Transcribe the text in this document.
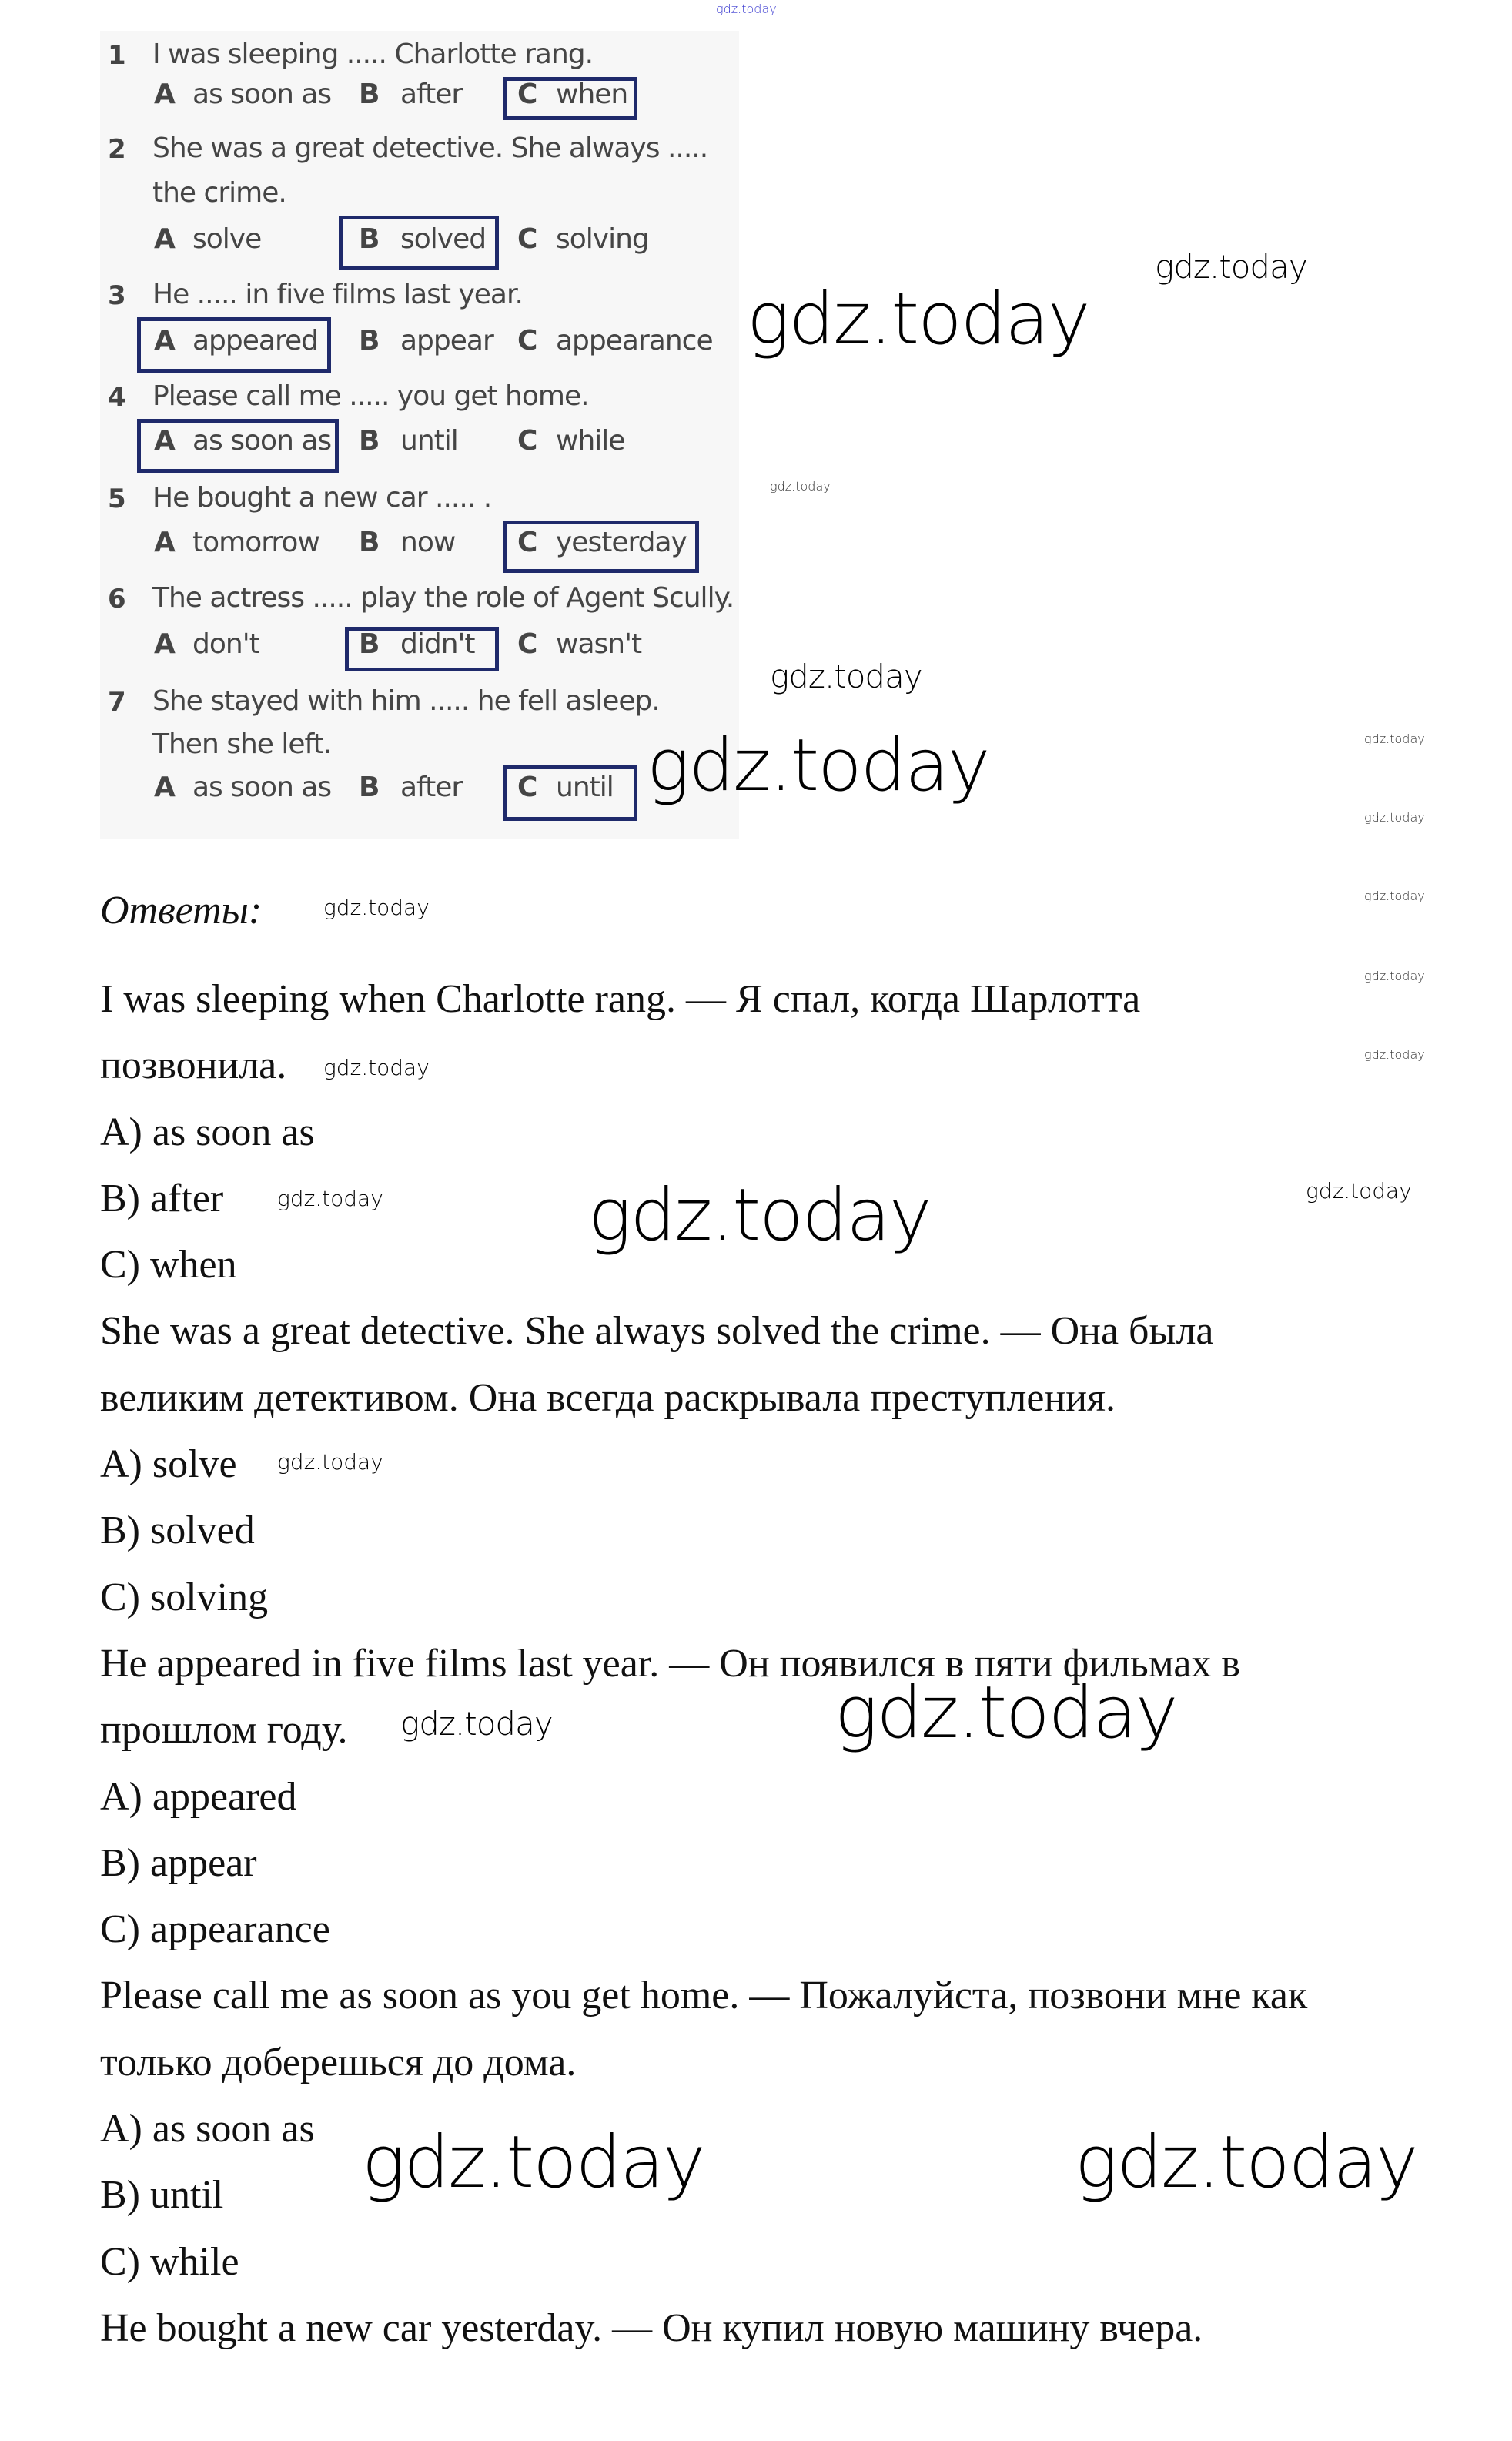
1 I was sleeping ..... Charlotte rang.
A as soon as B after C when
2 She was a great detective. She always .....
the crime.
A solve	B solved C solving
3 He ..... in five films last year.
A appeared B appear C appearance
4 Please call me ..... you get home.
A as soon as B until C while
5 He bought a new car ..... .
A tomorrow B now C yesterday
6 The actress ..... play the role of Agent Scully.
A don't	B didn't C wasn't
7 She stayed with him ..... he fell asleep.
Then she left.
A as soon as B after C until
Ответы:
I was sleeping when Charlotte rang. — Я спал, когда Шарлотта
позвонила.
A) as soon as
B) after
C) when
She was a great detective. She always solved the crime. — Она была
великим детективом. Она всегда раскрывала преступления.
A) solve
B) solved
C) solving
He appeared in five films last year. — Он появился в пяти фильмах в
прошлом году.
A) appeared
B) appear
C) appearance
Please call me as soon as you get home. — Пожалуйста, позвони мне как
только доберешься до дома.
A) as soon as
B) until
C) while
He bought a new car yesterday. — Он купил новую машину вчера.
gdz.today
gdz.today
gdz.today
gdz.today
gdz.today	gdz.today
gdz.today
gdz.today
gdz.today
gdz.today
gdz.today
gdz.today
gdz.today
gdz.today
gdz.today
gdz.today
gdz.today
gdz.today
gdz.today
gdz.today
gdz.today
